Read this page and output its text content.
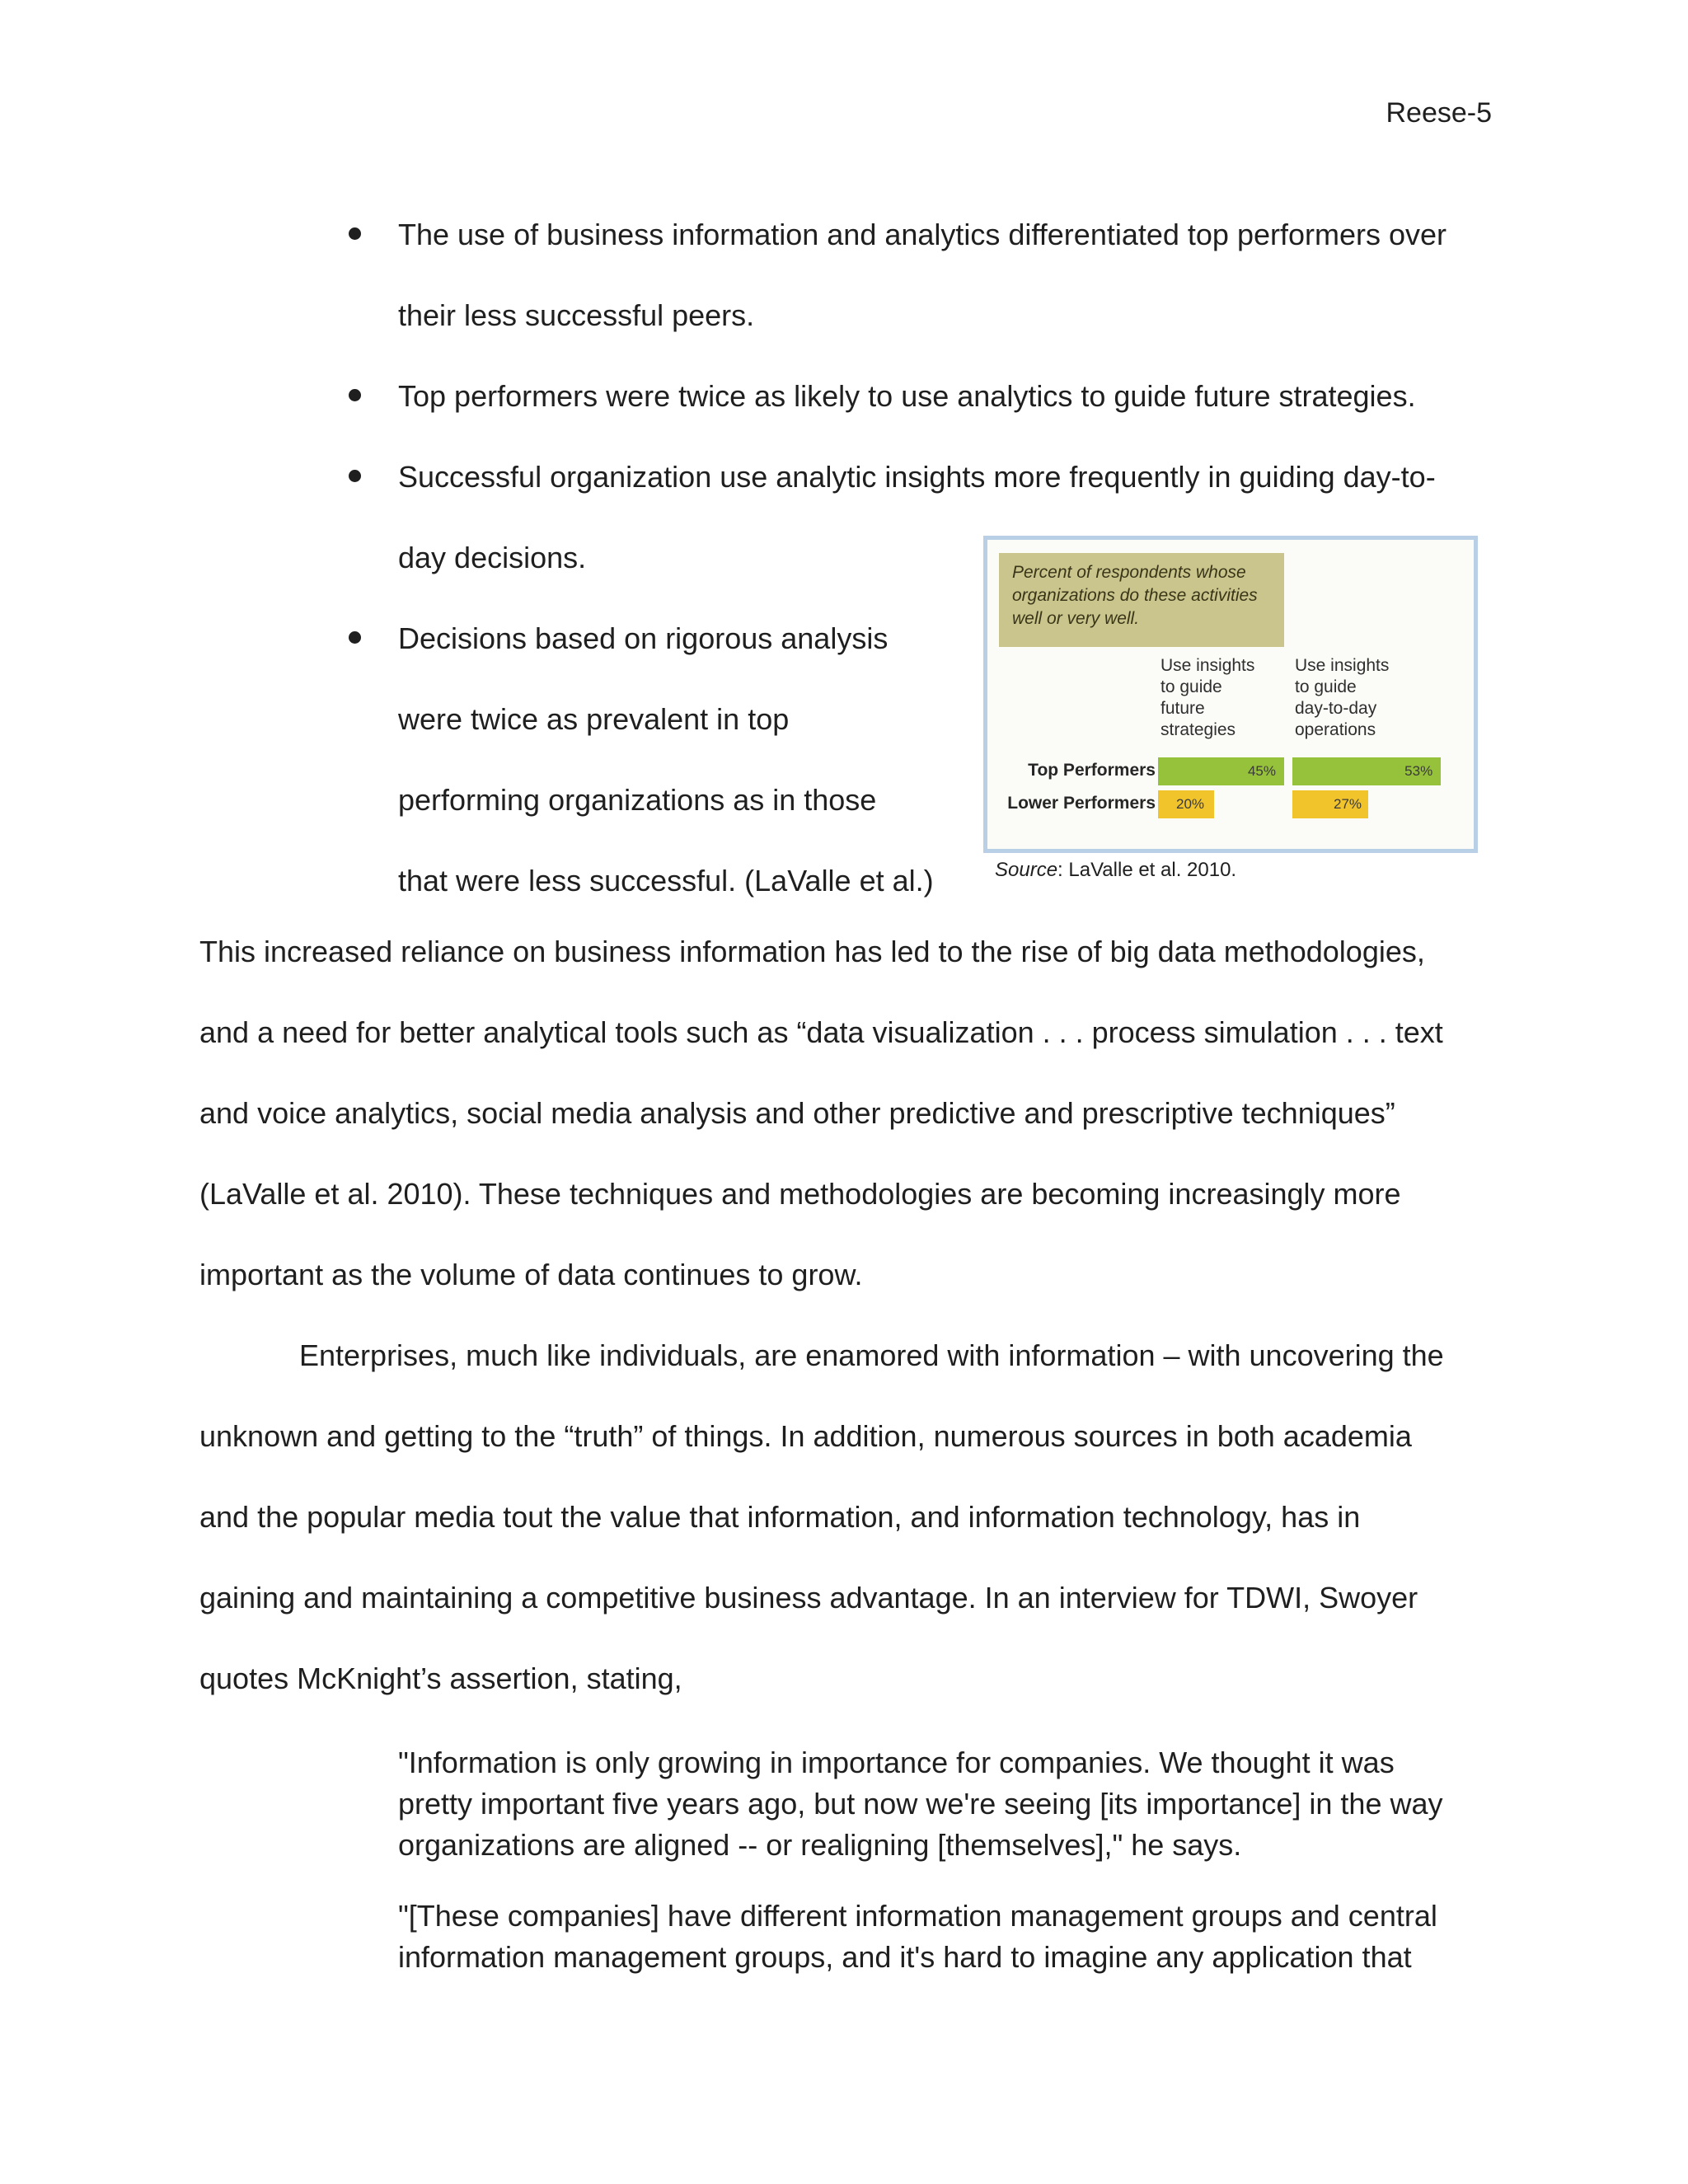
Reese-5
The use of business information and analytics differentiated top performers over
their less successful peers.
Top performers were twice as likely to use analytics to guide future strategies.
Successful organization use analytic insights more frequently in guiding day-to-
day decisions.
Decisions based on rigorous analysis
were twice as prevalent in top
performing organizations as in those
that were less successful. (LaValle et al.)
Percent of respondents whose organizations do these activities well or very well.
Use insights
to guide
future
strategies
Use insights
to guide
day-to-day
operations
Top Performers
Lower Performers
45%
20%
53%
27%
Source: LaValle et al. 2010.
This increased reliance on business information has led to the rise of big data methodologies,
and a need for better analytical tools such as “data visualization . . . process simulation . . . text
and voice analytics, social media analysis and other predictive and prescriptive techniques”
(LaValle et al. 2010). These techniques and methodologies are becoming increasingly more
important as the volume of data continues to grow.
Enterprises, much like individuals, are enamored with information – with uncovering the
unknown and getting to the “truth” of things. In addition, numerous sources in both academia
and the popular media tout the value that information, and information technology, has in
gaining and maintaining a competitive business advantage. In an interview for TDWI, Swoyer
quotes McKnight’s assertion, stating,
"Information is only growing in importance for companies. We thought it was
pretty important five years ago, but now we're seeing [its importance] in the way
organizations are aligned -- or realigning [themselves]," he says.
"[These companies] have different information management groups and central
information management groups, and it's hard to imagine any application that
